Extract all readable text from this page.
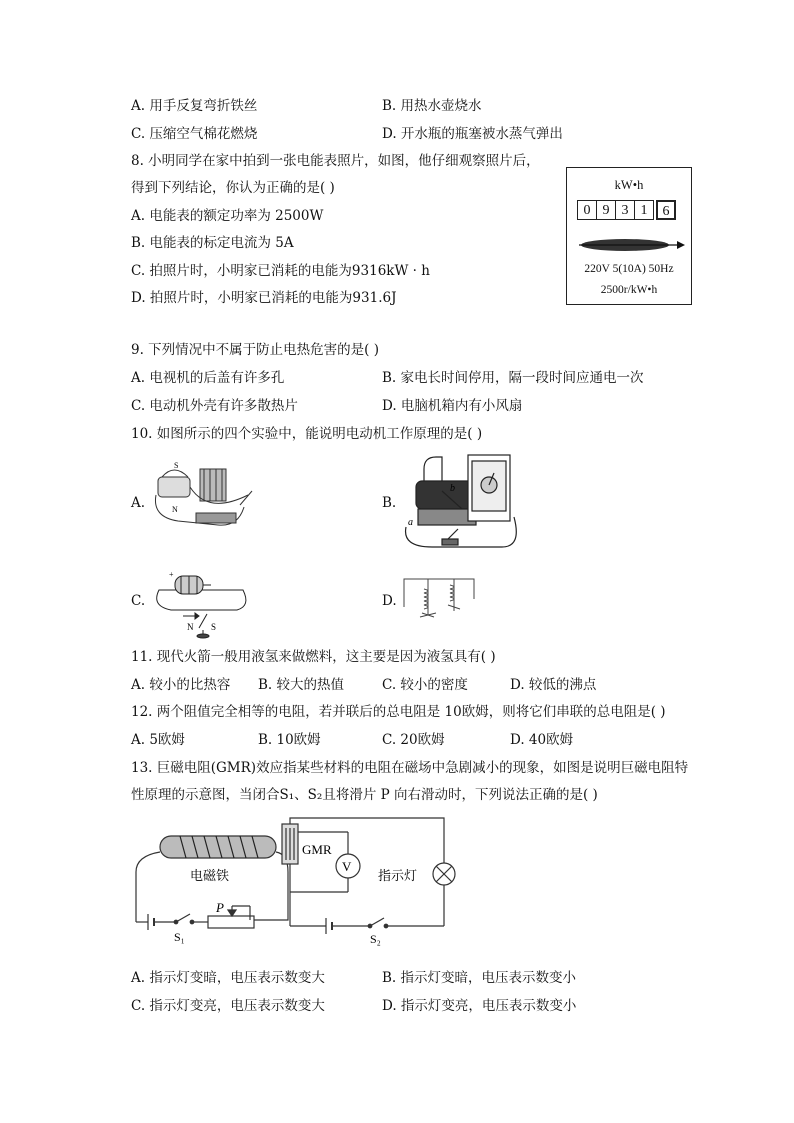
A. 用手反复弯折铁丝	B. 用热水壶烧水
C. 压缩空气棉花燃烧	D. 开水瓶的瓶塞被水蒸气弹出
8. 小明同学在家中拍到一张电能表照片，如图，他仔细观察照片后，
得到下列结论，你认为正确的是( )
A. 电能表的额定功率为 2500W
B. 电能表的标定电流为 5A
C. 拍照片时，小明家已消耗的电能为9316kW · h
D. 拍照片时，小明家已消耗的电能为931.6J
kW•h
0 9 3 1	6
220V 5(10A) 50Hz
2500r/kW•h
9. 下列情况中不属于防止电热危害的是( )
A. 电视机的后盖有许多孔	B. 家电长时间停用，隔一段时间应通电一次
C. 电动机外壳有许多散热片	D. 电脑机箱内有小风扇
10. 如图所示的四个实验中，能说明电动机工作原理的是( )
A.	B.
C.	D.
S
N
a
b
+
N S
11. 现代火箭一般用液氢来做燃料，这主要是因为液氢具有( )
A. 较小的比热容 B. 较大的热值	C. 较小的密度	D. 较低的沸点
12. 两个阻值完全相等的电阻，若并联后的总电阻是 10欧姆，则将它们串联的总电阻是( )
A. 5欧姆	B. 10欧姆	C. 20欧姆	D. 40欧姆
13. 巨磁电阻(GMR)效应指某些材料的电阻在磁场中急剧减小的现象，如图是说明巨磁电阻特
性原理的示意图，当闭合S₁、S₂且将滑片 P 向右滑动时，下列说法正确的是( )
电磁铁
GMR
V
指示灯
P
S₁	S₂
A. 指示灯变暗，电压表示数变大	B. 指示灯变暗，电压表示数变小
C. 指示灯变亮，电压表示数变大	D. 指示灯变亮，电压表示数变小
